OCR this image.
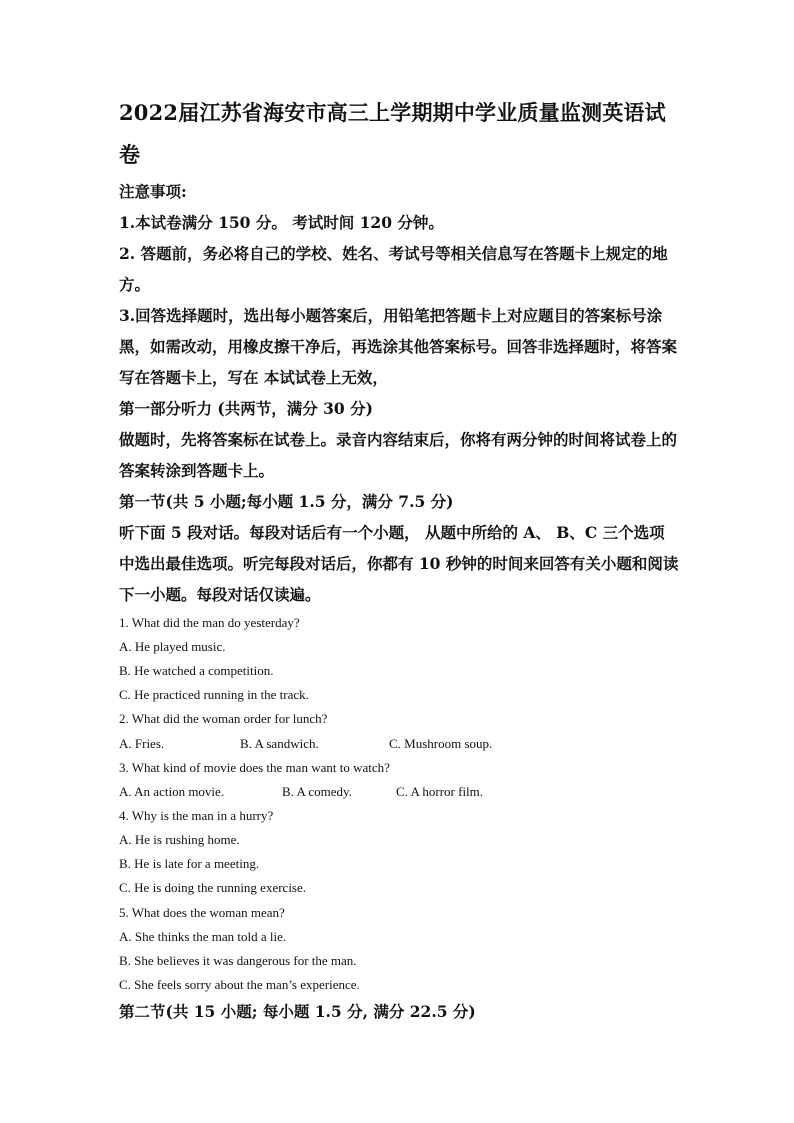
2022届江苏省海安市高三上学期期中学业质量监测英语试卷
注意事项:
1.本试卷满分 150 分。 考试时间 120 分钟。
2. 答题前，务必将自己的学校、姓名、考试号等相关信息写在答题卡上规定的地方。
3.回答选择题时，选出每小题答案后，用铅笔把答题卡上对应题目的答案标号涂黑，如需改动，用橡皮擦干净后，再选涂其他答案标号。回答非选择题时，将答案写在答题卡上，写在 本试试卷上无效，
第一部分听力 (共两节，满分 30 分)
做题时，先将答案标在试卷上。录音内容结束后，你将有两分钟的时间将试卷上的答案转涂到答题卡上。
第一节(共 5 小题;每小题 1.5 分，满分 7.5 分)
听下面 5 段对话。每段对话后有一个小题， 从题中所给的 A、 B、C 三个选项中选出最佳选项。听完每段对话后，你都有 10 秒钟的时间来回答有关小题和阅读下一小题。每段对话仅读遍。
1. What did the man do yesterday?
A. He played music.
B. He watched a competition.
C. He practiced running in the track.
2. What did the woman order for lunch?
A. Fries.	B. A sandwich.	C. Mushroom soup.
3. What kind of movie does the man want to watch?
A. An action movie.	B. A comedy.	C. A horror film.
4. Why is the man in a hurry?
A. He is rushing home.
B. He is late for a meeting.
C. He is doing the running exercise.
5. What does the woman mean?
A. She thinks the man told a lie.
B. She believes it was dangerous for the man.
C. She feels sorry about the man’s experience.
第二节(共 15 小题; 每小题 1.5 分, 满分 22.5 分)
